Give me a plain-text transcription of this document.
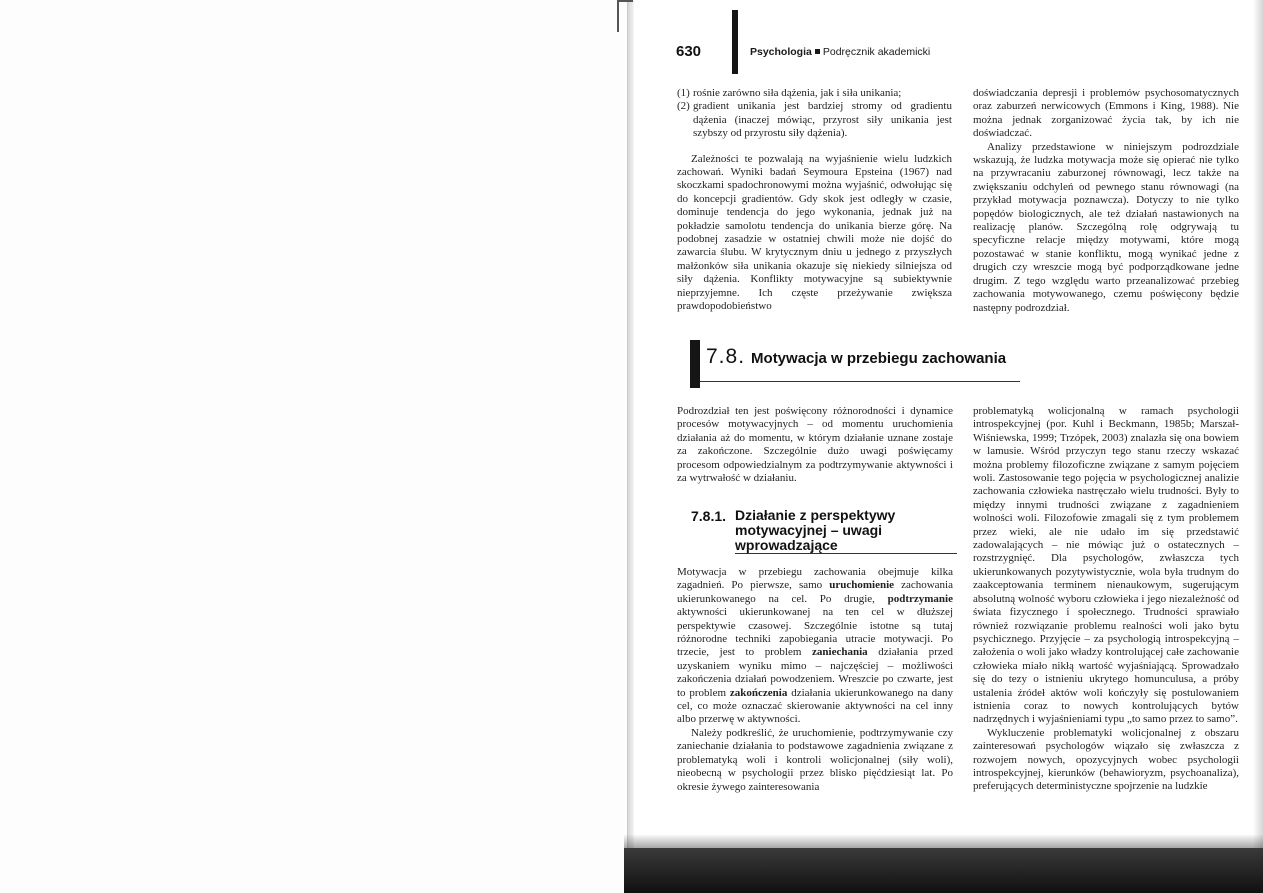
630	Psychologia Podręcznik akademicki
(1) rośnie zarówno siła dążenia, jak i siła unikania;
(2) gradient unikania jest bardziej stromy od gradientu dążenia (inaczej mówiąc, przyrost siły unikania jest szybszy od przyrostu siły dążenia).

Zależności te pozwalają na wyjaśnienie wielu ludzkich zachowań. Wyniki badań Seymoura Epsteina (1967) nad skoczkami spadochronowymi można wyjaśnić, odwołując się do koncepcji gradientów. Gdy skok jest odległy w czasie, dominuje tendencja do jego wykonania, jednak już na pokładzie samolotu tendencja do unikania bierze górę. Na podobnej zasadzie w ostatniej chwili może nie dojść do zawarcia ślubu. W krytycznym dniu u jednego z przyszłych małżonków siła unikania okazuje się niekiedy silniejsza od siły dążenia. Konflikty motywacyjne są subiektywnie nieprzyjemne. Ich częste przeżywanie zwiększa prawdopodobieństwo

doświadczania depresji i problemów psychosomatycznych oraz zaburzeń nerwicowych (Emmons i King, 1988). Nie można jednak zorganizować życia tak, by ich nie doświadczać.

Analizy przedstawione w niniejszym podrozdziale wskazują, że ludzka motywacja może się opierać nie tylko na przywracaniu zaburzonej równowagi, lecz także na zwiększaniu odchyleń od pewnego stanu równowagi (na przykład motywacja poznawcza). Dotyczy to nie tylko popędów biologicznych, ale też działań nastawionych na realizację planów. Szczególną rolę odgrywają tu specyficzne relacje między motywami, które mogą pozostawać w stanie konfliktu, mogą wynikać jedne z drugich czy wreszcie mogą być podporządkowane jedne drugim. Z tego względu warto przeanalizować przebieg zachowania motywowanego, czemu poświęcony będzie następny podrozdział.

7.8. Motywacja w przebiegu zachowania

Podrozdział ten jest poświęcony różnorodności i dynamice procesów motywacyjnych – od momentu uruchomienia działania aż do momentu, w którym działanie uznane zostaje za zakończone. Szczególnie dużo uwagi poświęcamy procesom odpowiedzialnym za podtrzymywanie aktywności i za wytrwałość w działaniu.

7.8.1. Działanie z perspektywy
motywacyjnej – uwagi
wprowadzające

Motywacja w przebiegu zachowania obejmuje kilka zagadnień. Po pierwsze, samo uruchomienie zachowania ukierunkowanego na cel. Po drugie, podtrzymanie aktywności ukierunkowanej na ten cel w dłuższej perspektywie czasowej. Szczególnie istotne są tutaj różnorodne techniki zapobiegania utracie motywacji. Po trzecie, jest to problem zaniechania działania przed uzyskaniem wyniku mimo – najczęściej – możliwości zakończenia działań powodzeniem. Wreszcie po czwarte, jest to problem zakończenia działania ukierunkowanego na dany cel, co może oznaczać skierowanie aktywności na cel inny albo przerwę w aktywności.

Należy podkreślić, że uruchomienie, podtrzymywanie czy zaniechanie działania to podstawowe zagadnienia związane z problematyką woli i kontroli wolicjonalnej (siły woli), nieobecną w psychologii przez blisko pięćdziesiąt lat. Po okresie żywego zainteresowania

problematyką wolicjonalną w ramach psychologii introspekcyjnej (por. Kuhl i Beckmann, 1985b; Marszał-Wiśniewska, 1999; Trzópek, 2003) znalazła się ona bowiem w lamusie. Wśród przyczyn tego stanu rzeczy wskazać można problemy filozoficzne związane z samym pojęciem woli. Zastosowanie tego pojęcia w psychologicznej analizie zachowania człowieka nastręczało wielu trudności. Były to między innymi trudności związane z zagadnieniem wolności woli. Filozofowie zmagali się z tym problemem przez wieki, ale nie udało im się przedstawić zadowalających – nie mówiąc już o ostatecznych – rozstrzygnięć. Dla psychologów, zwłaszcza tych ukierunkowanych pozytywistycznie, wola była trudnym do zaakceptowania terminem nienaukowym, sugerującym absolutną wolność wyboru człowieka i jego niezależność od świata fizycznego i społecznego. Trudności sprawiało również rozwiązanie problemu realności woli jako bytu psychicznego. Przyjęcie – za psychologią introspekcyjną – założenia o woli jako władzy kontrolującej całe zachowanie człowieka miało nikłą wartość wyjaśniającą. Sprowadzało się do tezy o istnieniu ukrytego homunculusa, a próby ustalenia źródeł aktów woli kończyły się postulowaniem istnienia coraz to nowych kontrolujących bytów nadrzędnych i wyjaśnieniami typu „to samo przez to samo”.

Wykluczenie problematyki wolicjonalnej z obszaru zainteresowań psychologów wiązało się zwłaszcza z rozwojem nowych, opozycyjnych wobec psychologii introspekcyjnej, kierunków (behawioryzm, psychoanaliza), preferujących deterministyczne spojrzenie na ludzkie
